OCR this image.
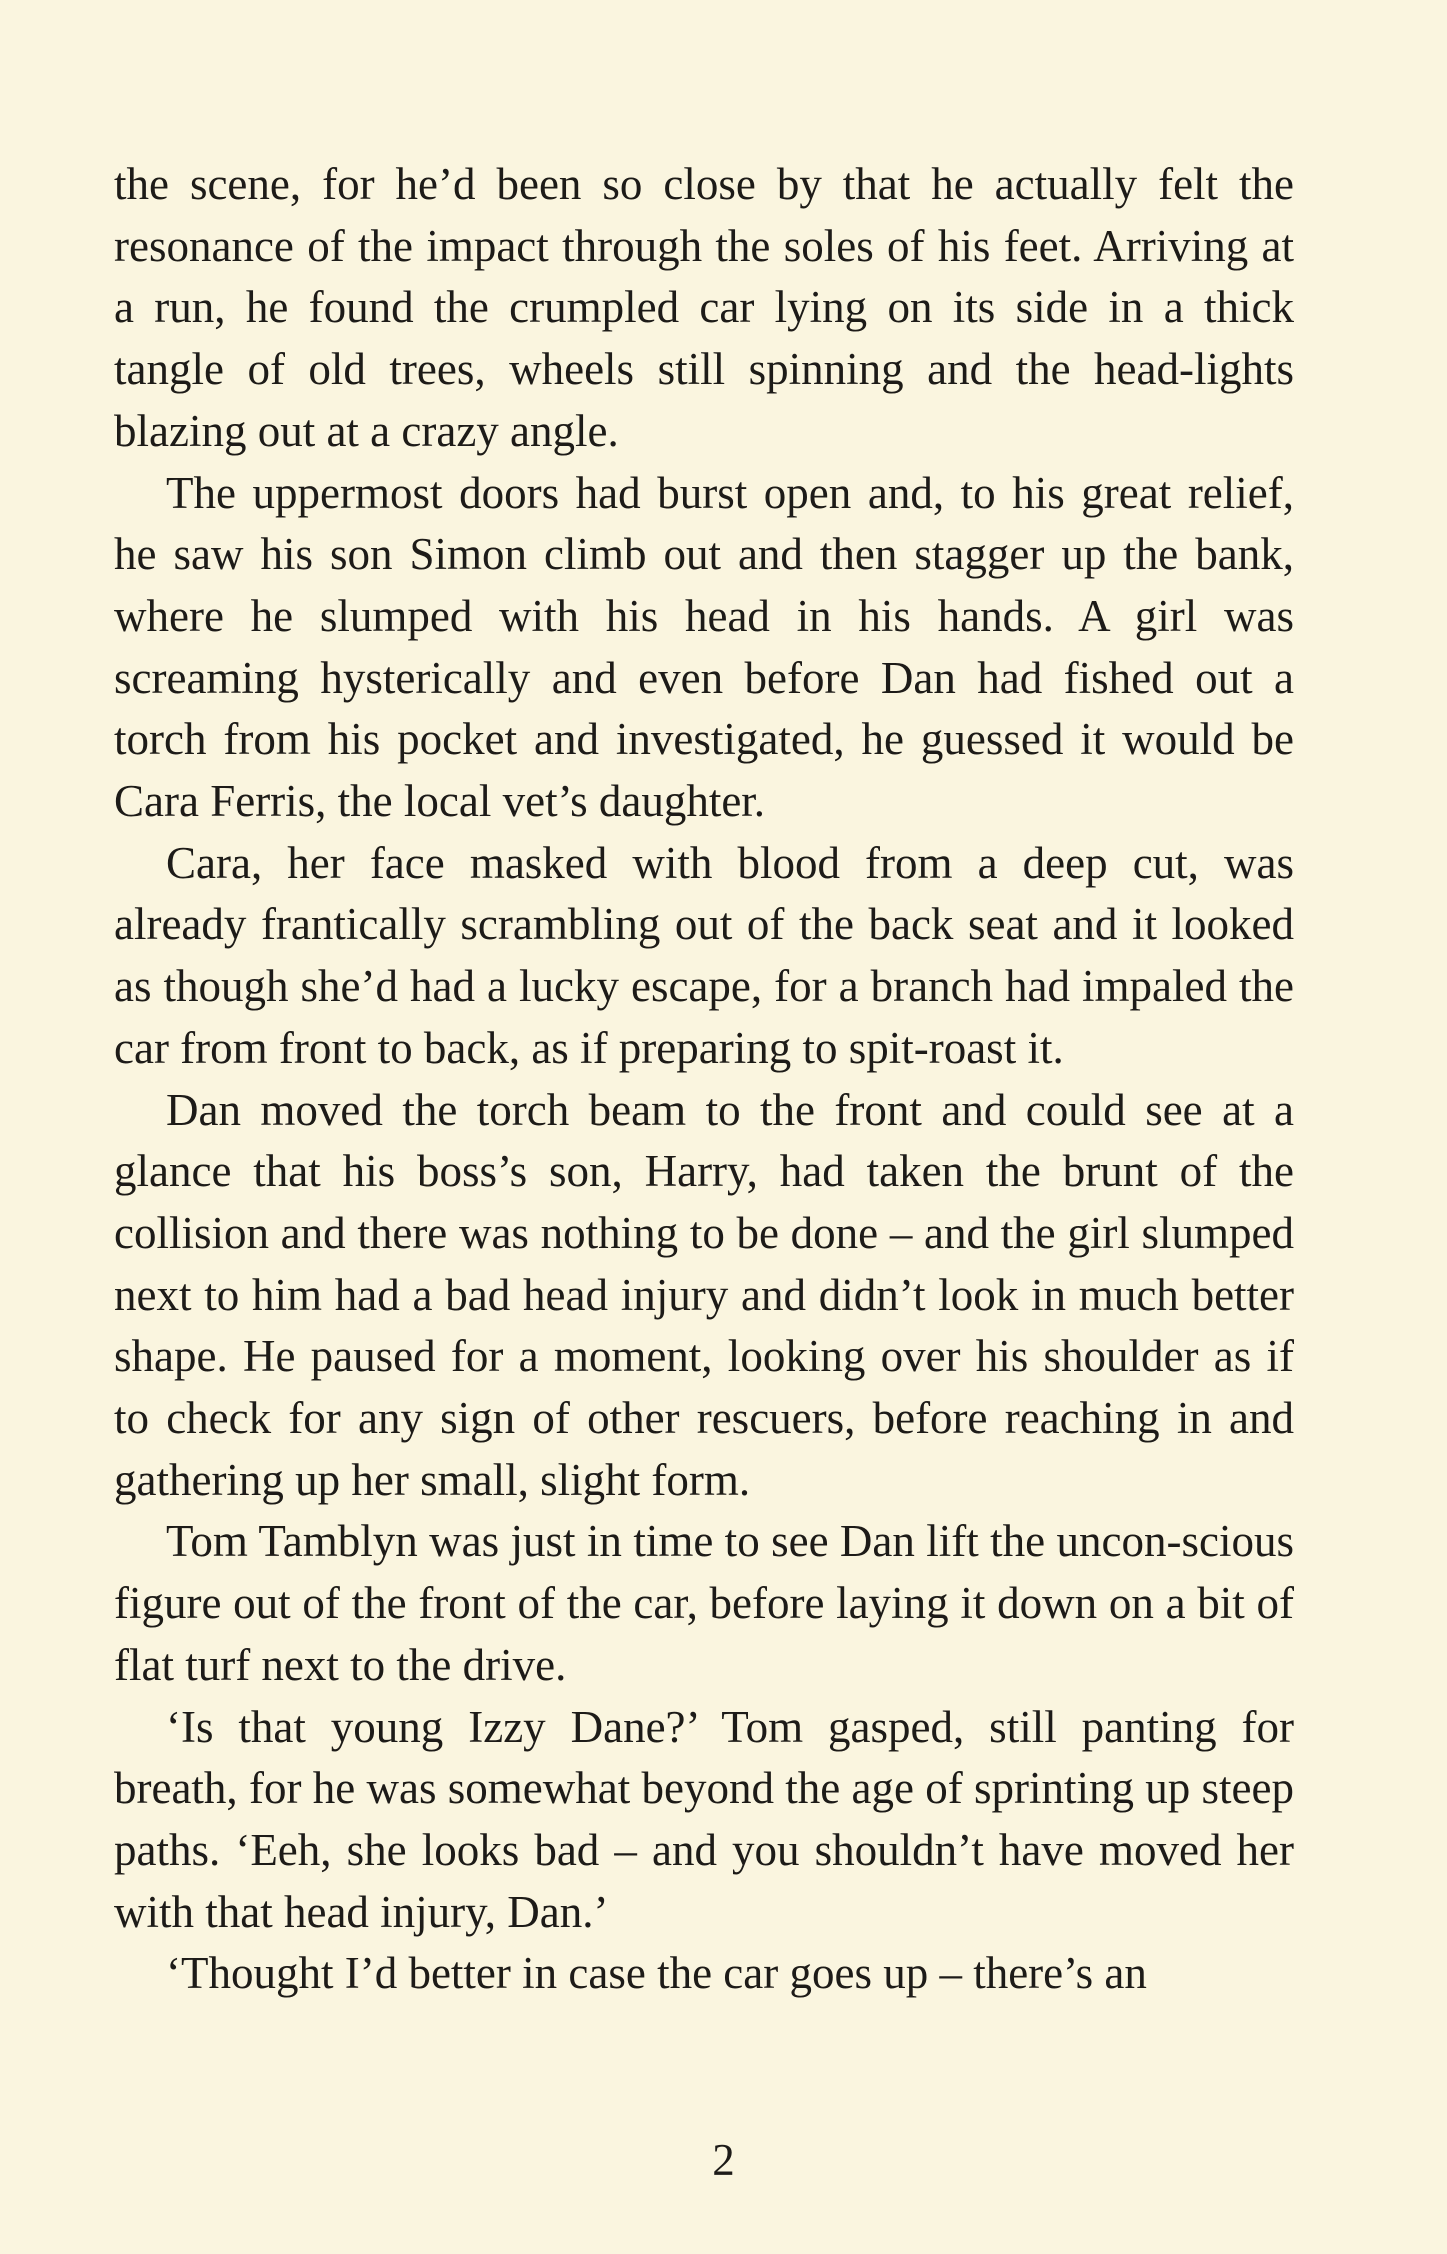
the scene, for he’d been so close by that he actually felt the resonance of the impact through the soles of his feet. Arriving at a run, he found the crumpled car lying on its side in a thick tangle of old trees, wheels still spinning and the head-lights blazing out at a crazy angle.

The uppermost doors had burst open and, to his great relief, he saw his son Simon climb out and then stagger up the bank, where he slumped with his head in his hands. A girl was screaming hysterically and even before Dan had fished out a torch from his pocket and investigated, he guessed it would be Cara Ferris, the local vet’s daughter.

Cara, her face masked with blood from a deep cut, was already frantically scrambling out of the back seat and it looked as though she’d had a lucky escape, for a branch had impaled the car from front to back, as if preparing to spit-roast it.

Dan moved the torch beam to the front and could see at a glance that his boss’s son, Harry, had taken the brunt of the collision and there was nothing to be done – and the girl slumped next to him had a bad head injury and didn’t look in much better shape. He paused for a moment, looking over his shoulder as if to check for any sign of other rescuers, before reaching in and gathering up her small, slight form.

Tom Tamblyn was just in time to see Dan lift the uncon-scious figure out of the front of the car, before laying it down on a bit of flat turf next to the drive.

‘Is that young Izzy Dane?’ Tom gasped, still panting for breath, for he was somewhat beyond the age of sprinting up steep paths. ‘Eeh, she looks bad – and you shouldn’t have moved her with that head injury, Dan.’

‘Thought I’d better in case the car goes up – there’s an

2
